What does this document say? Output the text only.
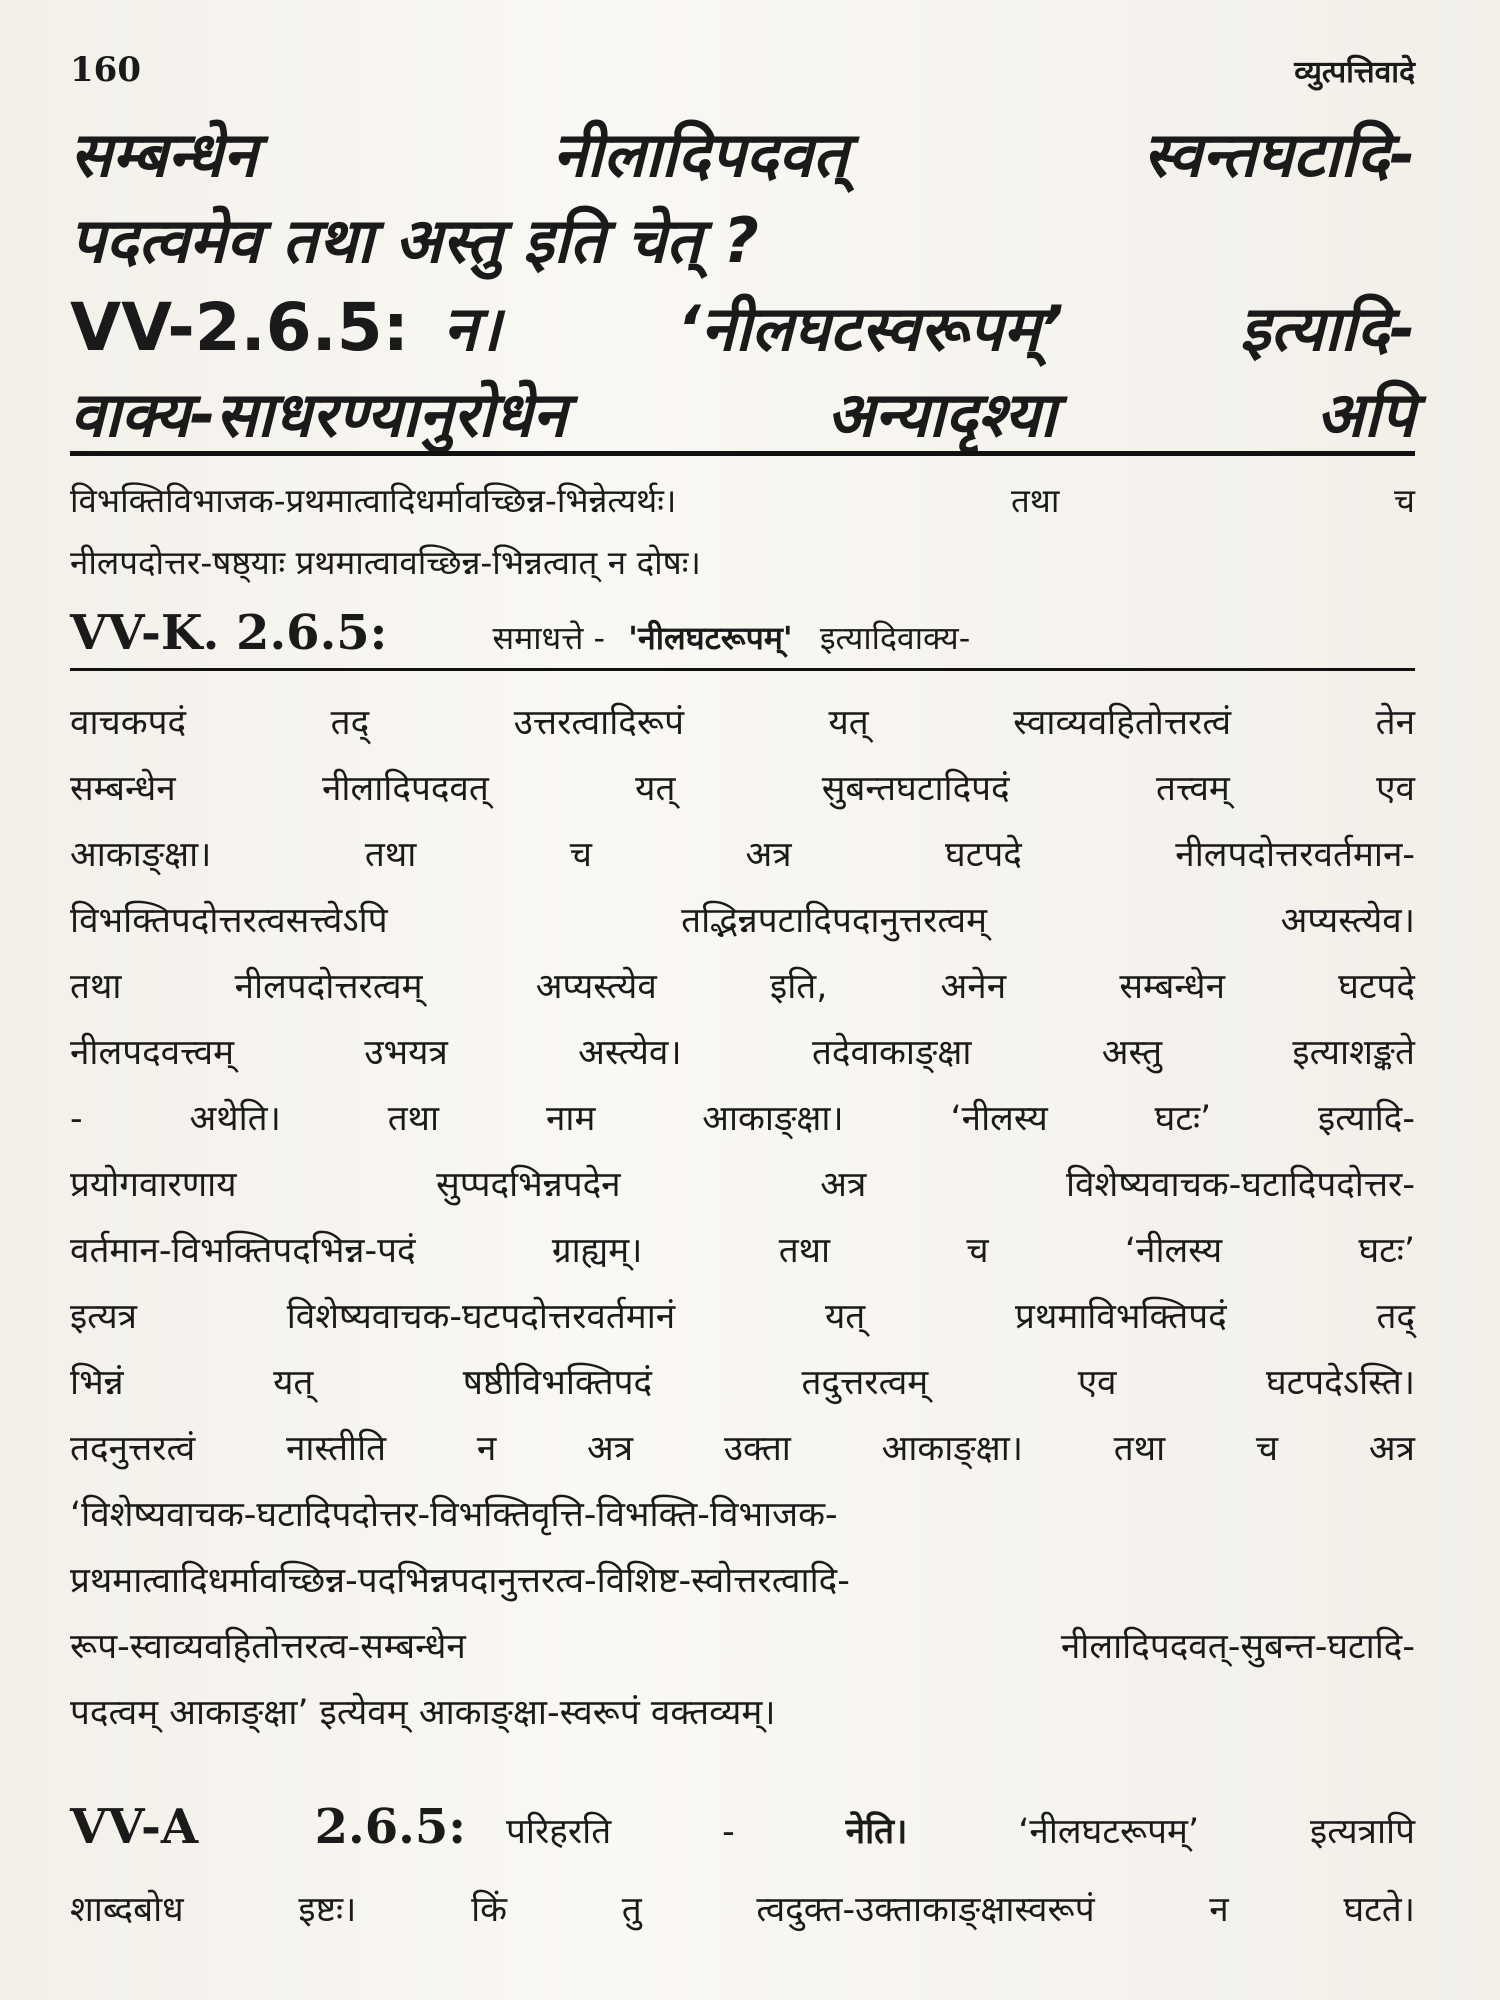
160	व्युत्पत्तिवादे
सम्बन्धेन नीलादिपदवत् स्वन्तघटादि-
पदत्वमेव तथा अस्तु इति चेत् ?
VV-2.6.5: न। ‘नीलघटस्वरूपम्’ इत्यादि-
वाक्य-साधरण्यानुरोधेन अन्यादृश्या अपि
विभक्तिविभाजक-प्रथमात्वादिधर्मावच्छिन्न-भिन्नेत्यर्थः। तथा च
नीलपदोत्तर-षष्ठ्याः प्रथमात्वावच्छिन्न-भिन्नत्वात् न दोषः।
VV-K. 2.6.5:	समाधत्ते - 'नीलघटरूपम्' इत्यादिवाक्य-
वाचकपदं तद् उत्तरत्वादिरूपं यत् स्वाव्यवहितोत्तरत्वं तेन
सम्बन्धेन नीलादिपदवत् यत् सुबन्तघटादिपदं तत्त्वम् एव
आकाङ्क्षा। तथा च अत्र घटपदे नीलपदोत्तरवर्तमान-
विभक्तिपदोत्तरत्वसत्त्वेऽपि तद्भिन्नपटादिपदानुत्तरत्वम् अप्यस्त्येव।
तथा नीलपदोत्तरत्वम् अप्यस्त्येव इति, अनेन सम्बन्धेन घटपदे
नीलपदवत्त्वम् उभयत्र अस्त्येव। तदेवाकाङ्क्षा अस्तु इत्याशङ्कते
- अथेति। तथा नाम आकाङ्क्षा। ‘नीलस्य घटः’ इत्यादि-
प्रयोगवारणाय सुप्पदभिन्नपदेन अत्र विशेष्यवाचक-घटादिपदोत्तर-
वर्तमान-विभक्तिपदभिन्न-पदं ग्राह्यम्। तथा च ‘नीलस्य घटः’
इत्यत्र विशेष्यवाचक-घटपदोत्तरवर्तमानं यत् प्रथमाविभक्तिपदं तद्
भिन्नं यत् षष्ठीविभक्तिपदं तदुत्तरत्वम् एव घटपदेऽस्ति।
तदनुत्तरत्वं नास्तीति न अत्र उक्ता आकाङ्क्षा। तथा च अत्र
‘विशेष्यवाचक-घटादिपदोत्तर-विभक्तिवृत्ति-विभक्ति-विभाजक-
प्रथमात्वादिधर्मावच्छिन्न-पदभिन्नपदानुत्तरत्व-विशिष्ट-स्वोत्तरत्वादि-
रूप-स्वाव्यवहितोत्तरत्व-सम्बन्धेन नीलादिपदवत्-सुबन्त-घटादि-
पदत्वम् आकाङ्क्षा’ इत्येवम् आकाङ्क्षा-स्वरूपं वक्तव्यम्।
VV-A 2.6.5: परिहरति -	नेति।	‘नीलघटरूपम्’ इत्यत्रापि
शाब्दबोध इष्टः। किं तु त्वदुक्त-उक्ताकाङ्क्षास्वरूपं न घटते।
